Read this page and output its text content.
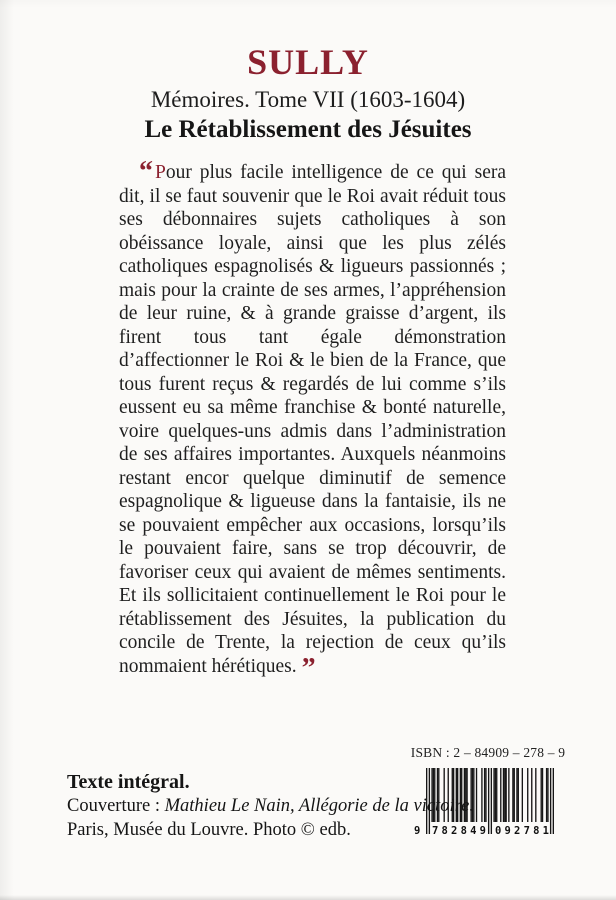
SULLY
Mémoires. Tome VII (1603-1604)
Le Rétablissement des Jésuites

“ Pour plus facile intelligence de ce qui sera dit, il se faut souvenir que le Roi avait réduit tous ses débonnaires sujets catholiques à son obéissance loyale, ainsi que les plus zélés catholiques espagnolisés & ligueurs passionnés ; mais pour la crainte de ses armes, l’appréhension de leur ruine, & à grande graisse d’argent, ils firent tous tant égale démonstration d’affectionner le Roi & le bien de la France, que tous furent reçus & regardés de lui comme s’ils eussent eu sa même franchise & bonté naturelle, voire quelques-uns admis dans l’administration de ses affaires importantes. Auxquels néanmoins restant encor quelque diminutif de semence espagnolique & ligueuse dans la fantaisie, ils ne se pouvaient empêcher aux occasions, lorsqu’ils le pouvaient faire, sans se trop découvrir, de favoriser ceux qui avaient de mêmes sentiments. Et ils sollicitaient continuellement le Roi pour le rétablissement des Jésuites, la publication du concile de Trente, la rejection de ceux qu’ils nommaient hérétiques. ”

ISBN : 2 – 84909 – 278 – 9
9 782849 092781

Texte intégral.

Couverture : Mathieu Le Nain, Allégorie de la victoire.
Paris, Musée du Louvre. Photo © edb.
